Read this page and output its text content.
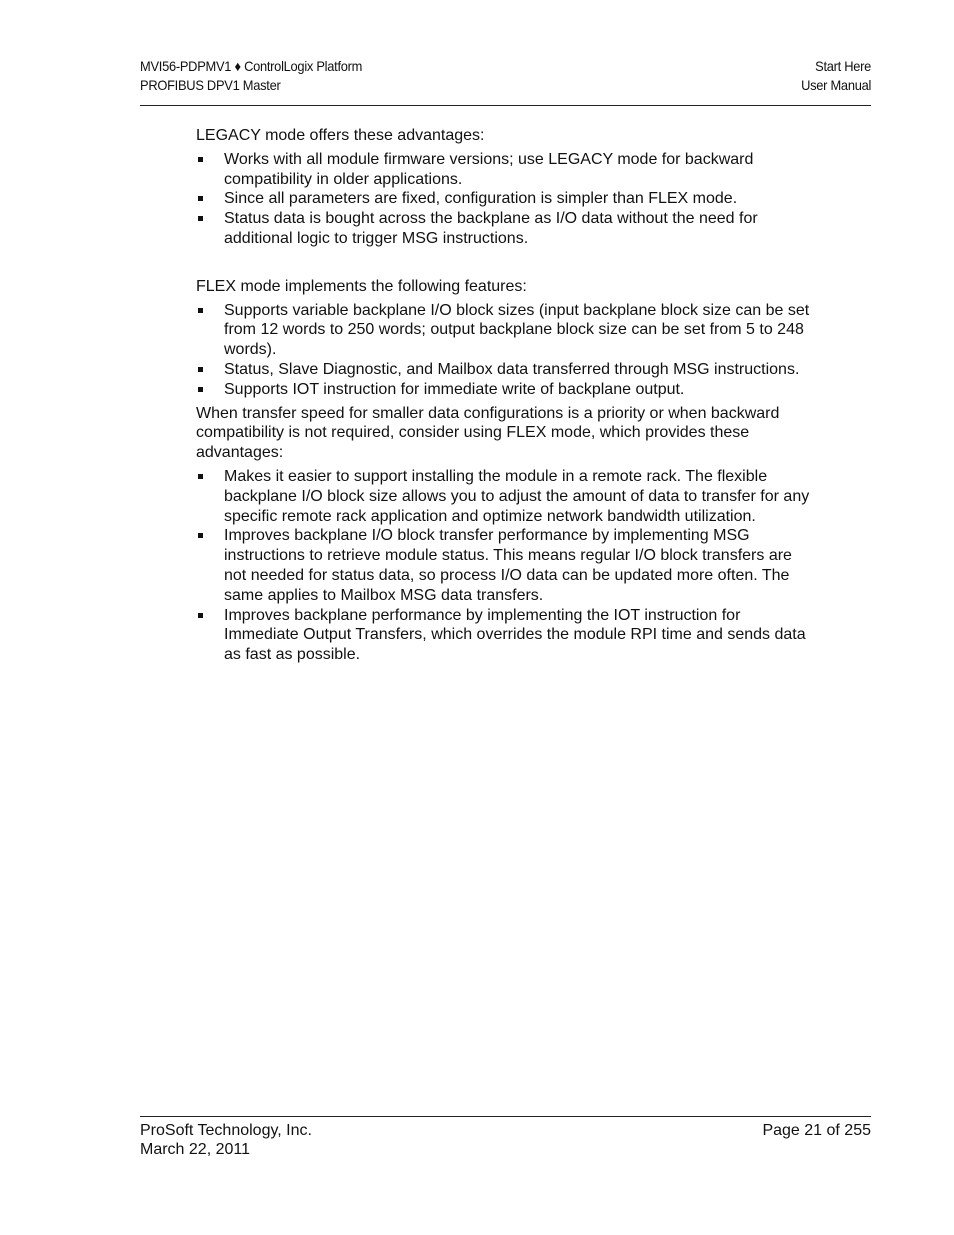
MVI56-PDPMV1 ♦ ControlLogix Platform
PROFIBUS DPV1 Master
Start Here
User Manual

LEGACY mode offers these advantages:

Works with all module firmware versions; use LEGACY mode for backward compatibility in older applications.
Since all parameters are fixed, configuration is simpler than FLEX mode.
Status data is bought across the backplane as I/O data without the need for additional logic to trigger MSG instructions.

FLEX mode implements the following features:

Supports variable backplane I/O block sizes (input backplane block size can be set from 12 words to 250 words; output backplane block size can be set from 5 to 248 words).
Status, Slave Diagnostic, and Mailbox data transferred through MSG instructions.
Supports IOT instruction for immediate write of backplane output.

When transfer speed for smaller data configurations is a priority or when backward compatibility is not required, consider using FLEX mode, which provides these advantages:

Makes it easier to support installing the module in a remote rack. The flexible backplane I/O block size allows you to adjust the amount of data to transfer for any specific remote rack application and optimize network bandwidth utilization.
Improves backplane I/O block transfer performance by implementing MSG instructions to retrieve module status. This means regular I/O block transfers are not needed for status data, so process I/O data can be updated more often. The same applies to Mailbox MSG data transfers.
Improves backplane performance by implementing the IOT instruction for Immediate Output Transfers, which overrides the module RPI time and sends data as fast as possible.
ProSoft Technology, Inc.
March 22, 2011
Page 21 of 255
